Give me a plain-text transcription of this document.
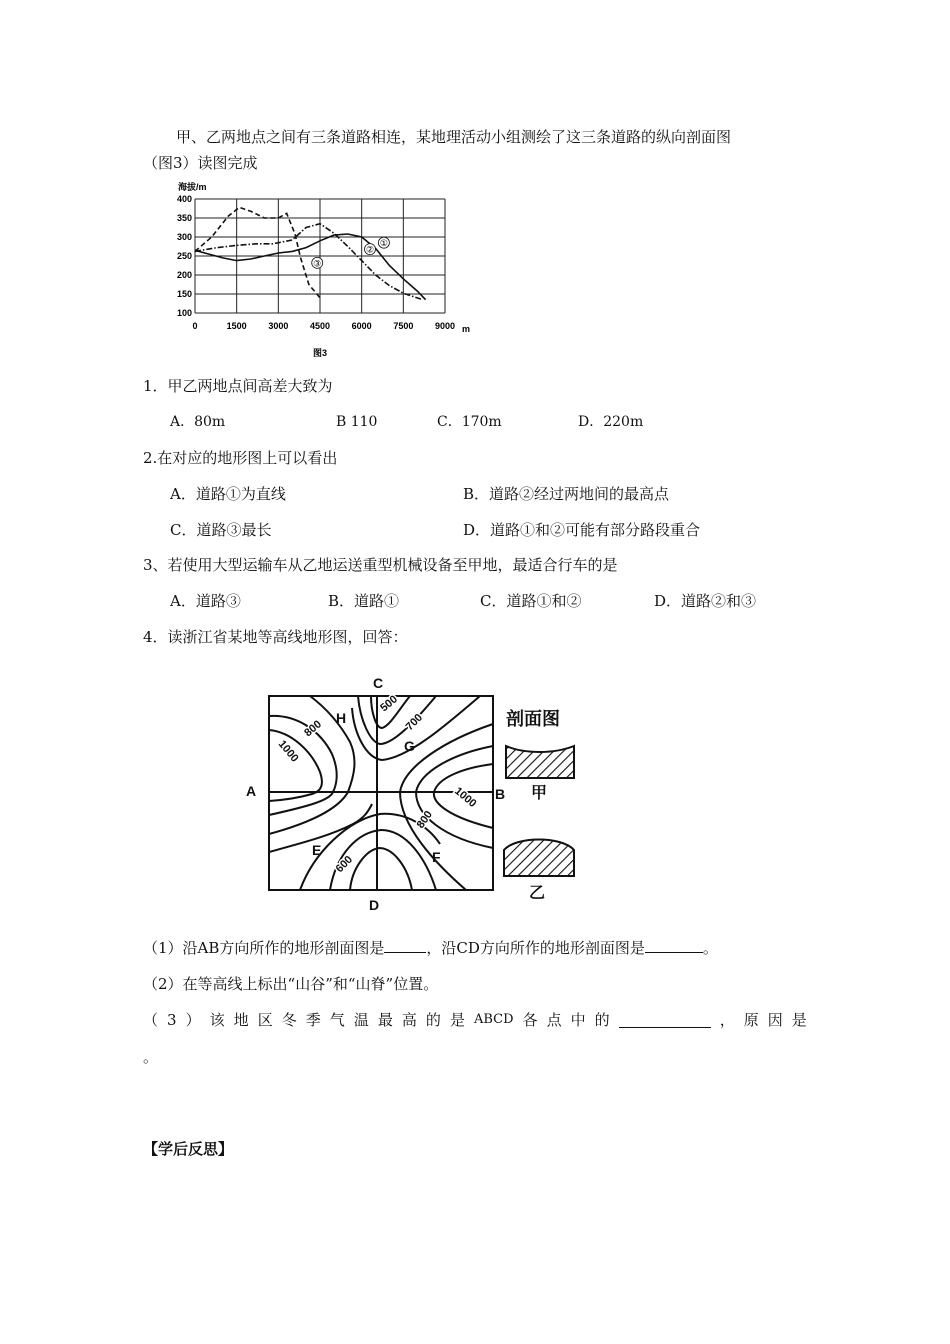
甲、乙两地点之间有三条道路相连，某地理活动小组测绘了这三条道路的纵向剖面图
（图3）读图完成
海拔/m
100
150
200
250
300
350
400
0	1500 3000 4500 6000 7500 9000 m
①
②
③
图3
1．甲乙两地点间高差大致为
A．80m	B 110	C．170m	D．220m
2.在对应的地形图上可以看出
A．道路①为直线	B．道路②经过两地间的最高点
C．道路③最长	D．道路①和②可能有部分路段重合
3、若使用大型运输车从乙地运送重型机械设备至甲地，最适合行车的是
A．道路③	B．道路①	C．道路①和②	D．道路②和③
4．读浙江省某地等高线地形图，回答：
C
A	B
D
H
G
E	F
500
700
800
1000
1000
800
600
剖面图
甲
乙
（1）沿AB方向所作的地形剖面图是	，沿CD方向所作的地形剖面图是	。
（2）在等高线上标出“山谷”和“山脊”位置。
（ 3 ） 该 地 区 冬 季 气 温 最 高 的 是 ABCD 各 点 中 的	， 原 因 是
。
【学后反思】
